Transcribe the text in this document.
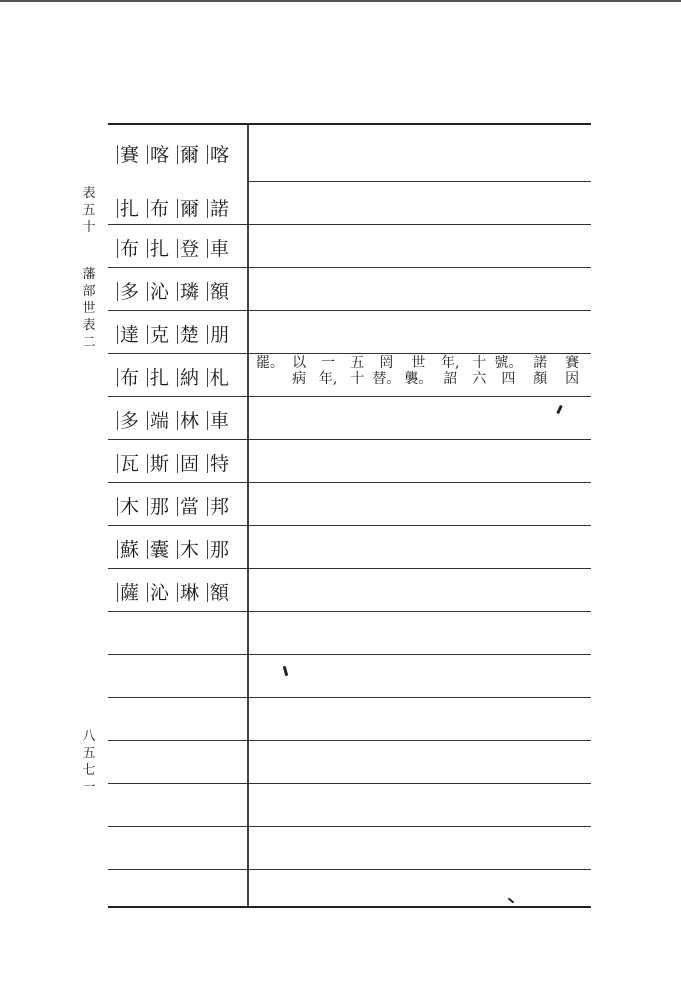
表
五
十
藩
部
世
表
二
八
五
七
一
賽 喀 爾 喀
扎 布 爾 諾
布 扎 登 車
多 沁 璘 額
達 克 楚 朋
布 扎 納 札
多 端 林 車
瓦 斯 固 特
木 那 當 邦
蘇 囊 木 那
薩 沁 琳 額
賽
因
諾
顏
號。
四
十
六
年,
詔
世
襲。
罔
替。
五
十
一
年,
以
病
罷。
